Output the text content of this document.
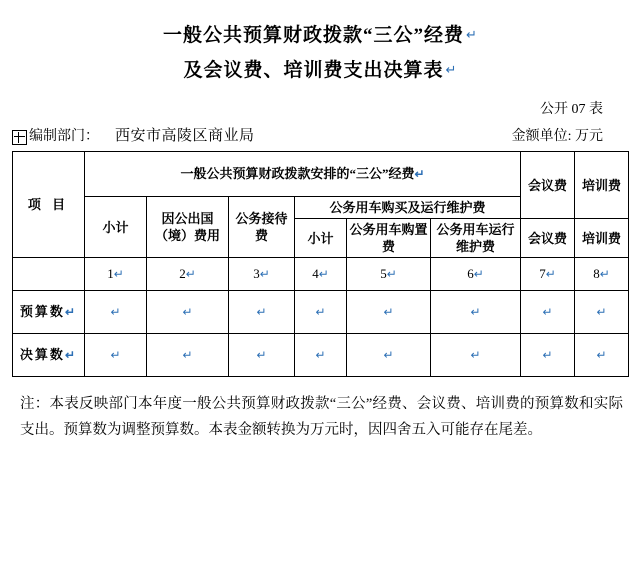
一般公共预算财政拨款“三公”经费 ↵
及会议费、培训费支出决算表 ↵
公开 07 表
编制部门： 西安市高陵区商业局	金额单位: 万元
项 目	一般公共预算财政拨款安排的“三公”经费↵						会议费	培训费
	小计	因公出国（境）费用	公务接待费	公务用车购买及运行维护费				
				小计	公务用车购置费	公务用车运行维护费	会议费	培训费
	1↵	2↵	3↵	4↵	5↵	6↵	7↵	8↵
预算数↵	↵	↵	↵	↵	↵	↵	↵	↵
决算数↵	↵	↵	↵	↵	↵	↵	↵	↵
注：本表反映部门本年度一般公共预算财政拨款“三公”经费、会议费、培训费的预算数和实际支出。预算数为调整预算数。本表金额转换为万元时，因四舍五入可能存在尾差。
